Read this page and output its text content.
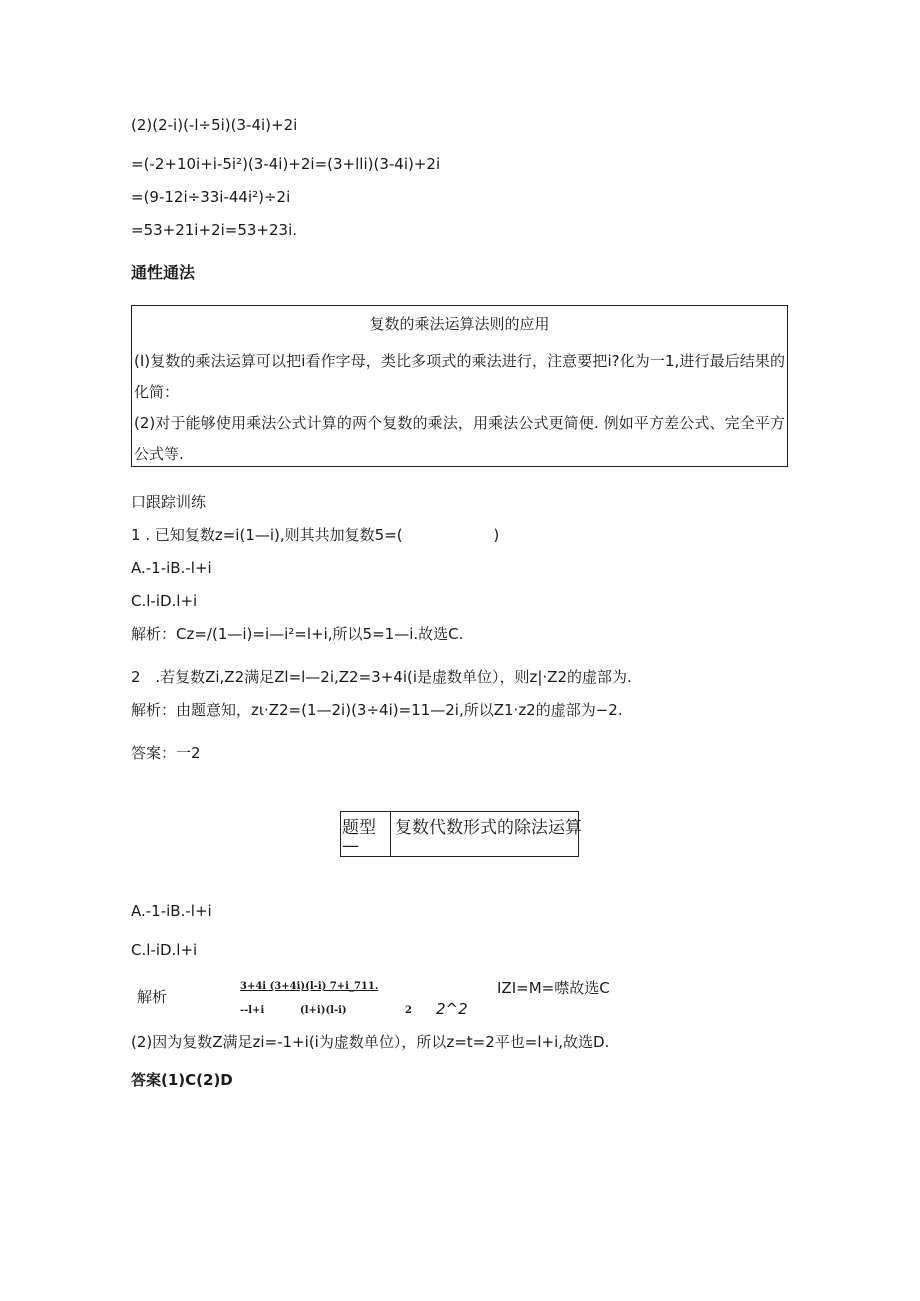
(2)(2-i)(-l÷5i)(3-4i)+2i
=(-2+10i+i-5i²)(3-4i)+2i=(3+lli)(3-4i)+2i
=(9-12i÷33i-44i²)÷2i
=53+21i+2i=53+23i.
通性通法
复数的乘法运算法则的应用
(I)复数的乘法运算可以把i看作字母，类比多项式的乘法进行，注意要把i?化为一1,进行最后结果的化简：
(2)对于能够使用乘法公式计算的两个复数的乘法，用乘法公式更简便. 例如平方差公式、完全平方公式等.
口跟踪训练
1 . 已知复数z=i(1—i),则其共加复数5=(	)
A.-1-iB.-l+i
C.l-iD.l+i
解析：Cz=/(1—i)=i—i²=l+i,所以5=1—i.故选C.
2 .若复数Zi,Z2满足Zl=l—2i,Z2=3+4i(i是虚数单位），则z|·Z2的虚部为.
解析：由题意知，zι·Z2=(1—2i)(3÷4i)=11—2i,所以Z1·z2的虚部为−2.
答案：一2
题型
—
复数代数形式的除法运算
A.-1-iB.-l+i
C.l-iD.l+i
解析
3+4i (3+4i)(l-i) 7+i_711.
--l+i	(l+i)(l-i)	2 2^2
IZI=M=噤故选C
(2)因为复数Z满足zi=-1+i(i为虚数单位），所以z=t=2平也=l+i,故选D.
答案(1)C(2)D
